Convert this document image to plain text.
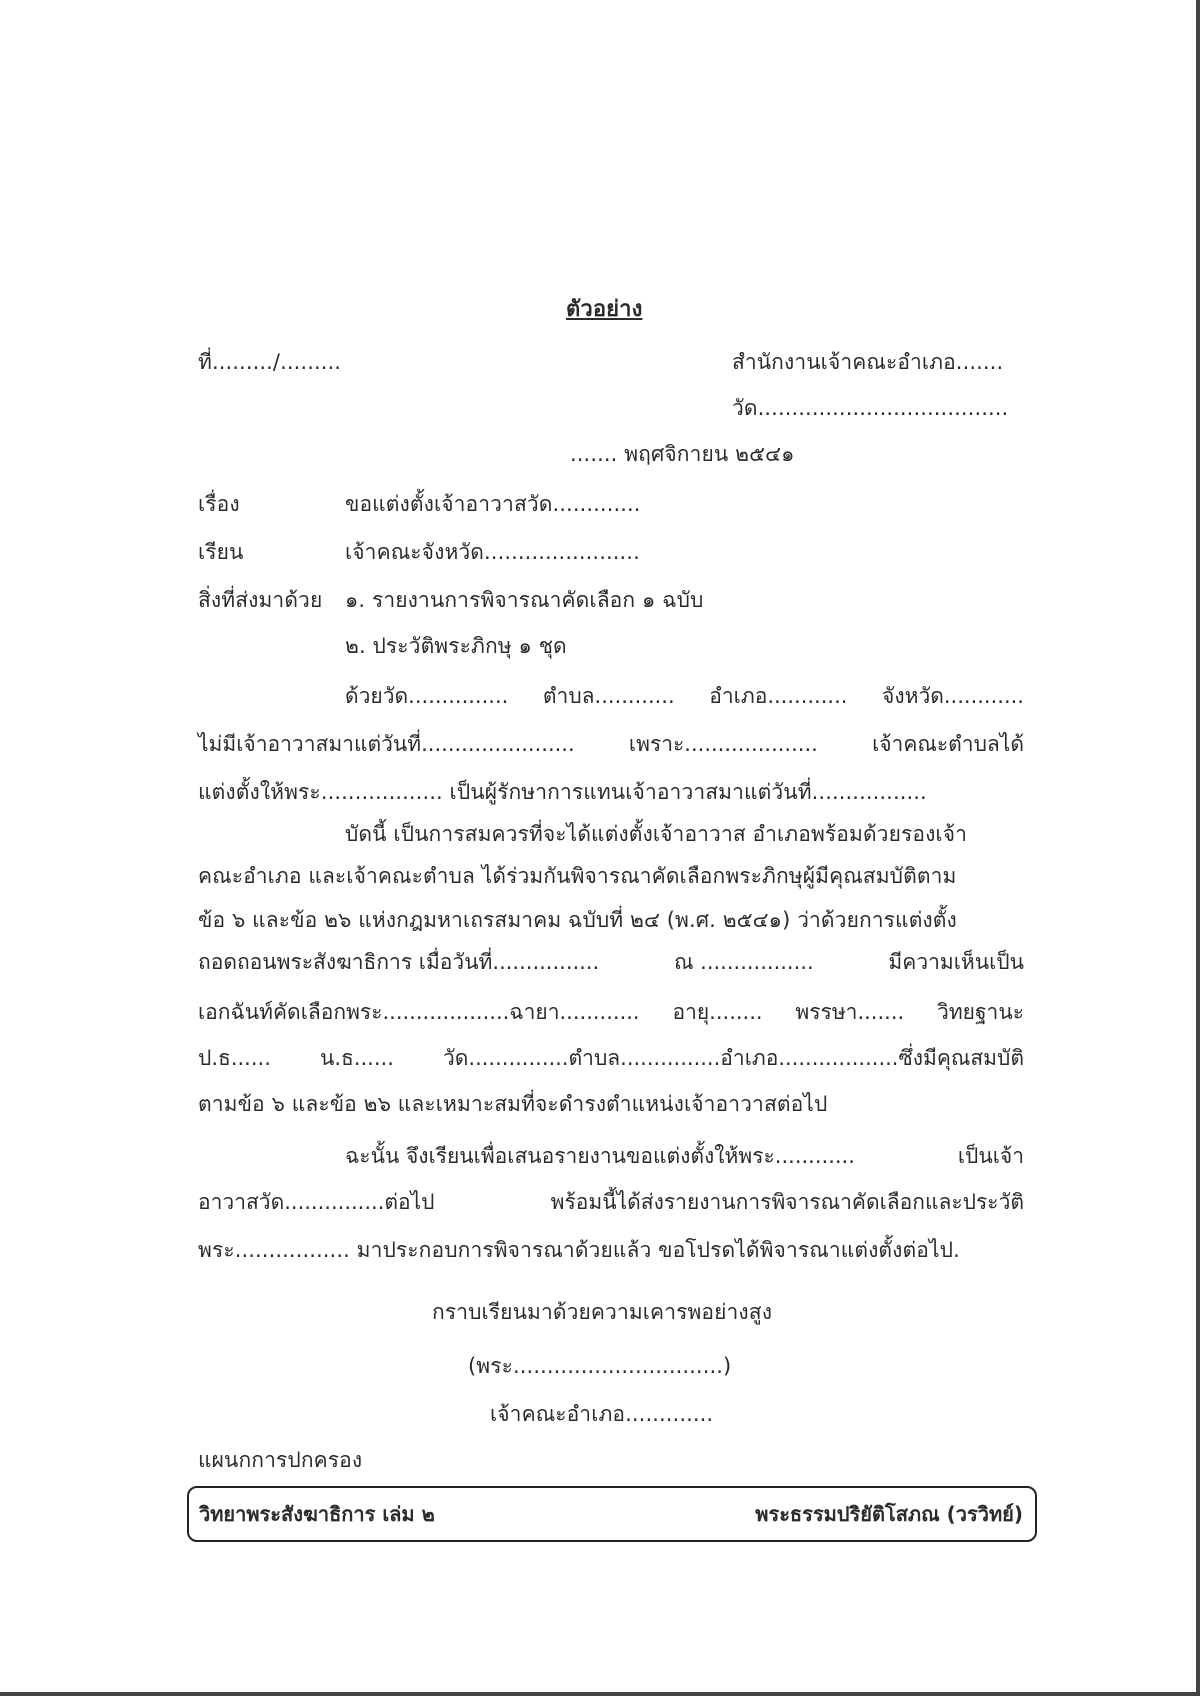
ตัวอย่าง
ที่........./.........	สำนักงานเจ้าคณะอำเภอ.......
วัด.....................................
....... พฤศจิกายน ๒๕๔๑
เรื่อง	ขอแต่งตั้งเจ้าอาวาสวัด.............
เรียน	เจ้าคณะจังหวัด.......................
สิ่งที่ส่งมาด้วย ๑. รายงานการพิจารณาคัดเลือก ๑ ฉบับ
๒. ประวัติพระภิกษุ ๑ ชุด
ด้วยวัด............... ตำบล............ อำเภอ............ จังหวัด............
ไม่มีเจ้าอาวาสมาแต่วันที่.......................	เพราะ....................	เจ้าคณะตำบลได้
แต่งตั้งให้พระ.................. เป็นผู้รักษาการแทนเจ้าอาวาสมาแต่วันที่.................
บัดนี้ เป็นการสมควรที่จะได้แต่งตั้งเจ้าอาวาส อำเภอพร้อมด้วยรองเจ้า
คณะอำเภอ และเจ้าคณะตำบล ได้ร่วมกันพิจารณาคัดเลือกพระภิกษุผู้มีคุณสมบัติตาม
ข้อ ๖ และข้อ ๒๖ แห่งกฎมหาเถรสมาคม ฉบับที่ ๒๔ (พ.ศ. ๒๕๔๑) ว่าด้วยการแต่งตั้ง
ถอดถอนพระสังฆาธิการ เมื่อวันที่................	ณ .................	มีความเห็นเป็น
เอกฉันท์คัดเลือกพระ...................ฉายา............ อายุ........ พรรษา....... วิทยฐานะ
ป.ธ...... น.ธ...... วัด...............ตำบล...............อำเภอ..................ซึ่งมีคุณสมบัติ
ตามข้อ ๖ และข้อ ๒๖ และเหมาะสมที่จะดำรงตำแหน่งเจ้าอาวาสต่อไป
ฉะนั้น จึงเรียนเพื่อเสนอรายงานขอแต่งตั้งให้พระ............	เป็นเจ้า
อาวาสวัด...............ต่อไป	พร้อมนี้ได้ส่งรายงานการพิจารณาคัดเลือกและประวัติ
พระ................. มาประกอบการพิจารณาด้วยแล้ว ขอโปรดได้พิจารณาแต่งตั้งต่อไป.
กราบเรียนมาด้วยความเคารพอย่างสูง
(พระ...............................)
เจ้าคณะอำเภอ.............
แผนกการปกครอง
วิทยาพระสังฆาธิการ เล่ม ๒	พระธรรมปริยัติโสภณ (วรวิทย์)
